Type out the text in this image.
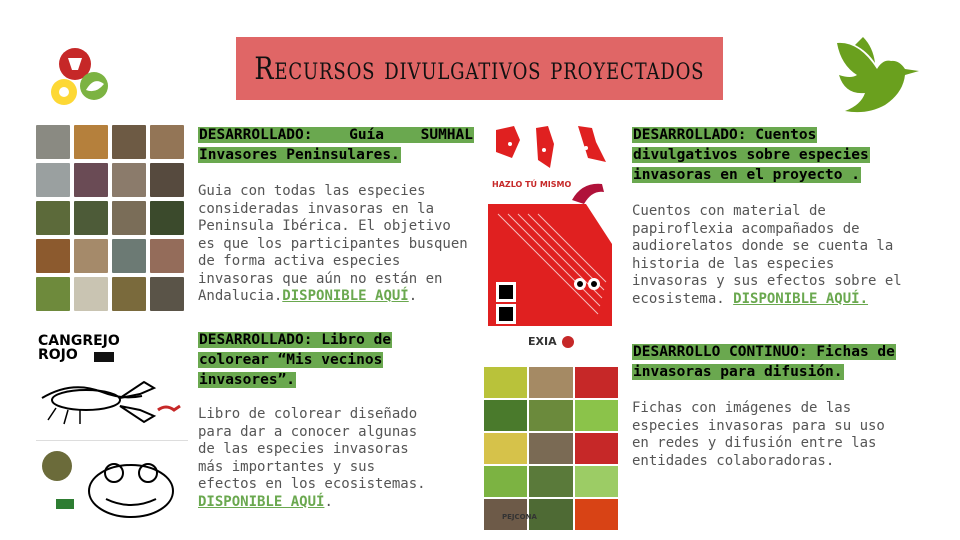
Recursos divulgativos proyectados
CANGREJO
ROJO
HAZLO TÚ MISMO
EXIA
PEJCONA
DESARROLLADO: Guía SUMHAL Invasores Peninsulares.
Guia con todas las especies consideradas invasoras en la Peninsula Ibérica. El objetivo es que los participantes busquen de forma activa especies invasoras que aún no están en Andalucia.DISPONIBLE AQUÍ.
DESARROLLADO: Libro de colorear “Mis vecinos invasores”.
Libro de colorear diseñado para dar a conocer algunas de las especies invasoras más importantes y sus efectos en los ecosistemas. DISPONIBLE AQUÍ.
DESARROLLADO: Cuentos divulgativos sobre especies invasoras en el proyecto .
Cuentos con material de papiroflexia acompañados de audiorelatos donde se cuenta la historia de las especies invasoras y sus efectos sobre el ecosistema. DISPONIBLE AQUÍ.
DESARROLLO CONTINUO: Fichas de invasoras para difusión.
Fichas con imágenes de las especies invasoras para su uso en redes y difusión entre las entidades colaboradoras.
